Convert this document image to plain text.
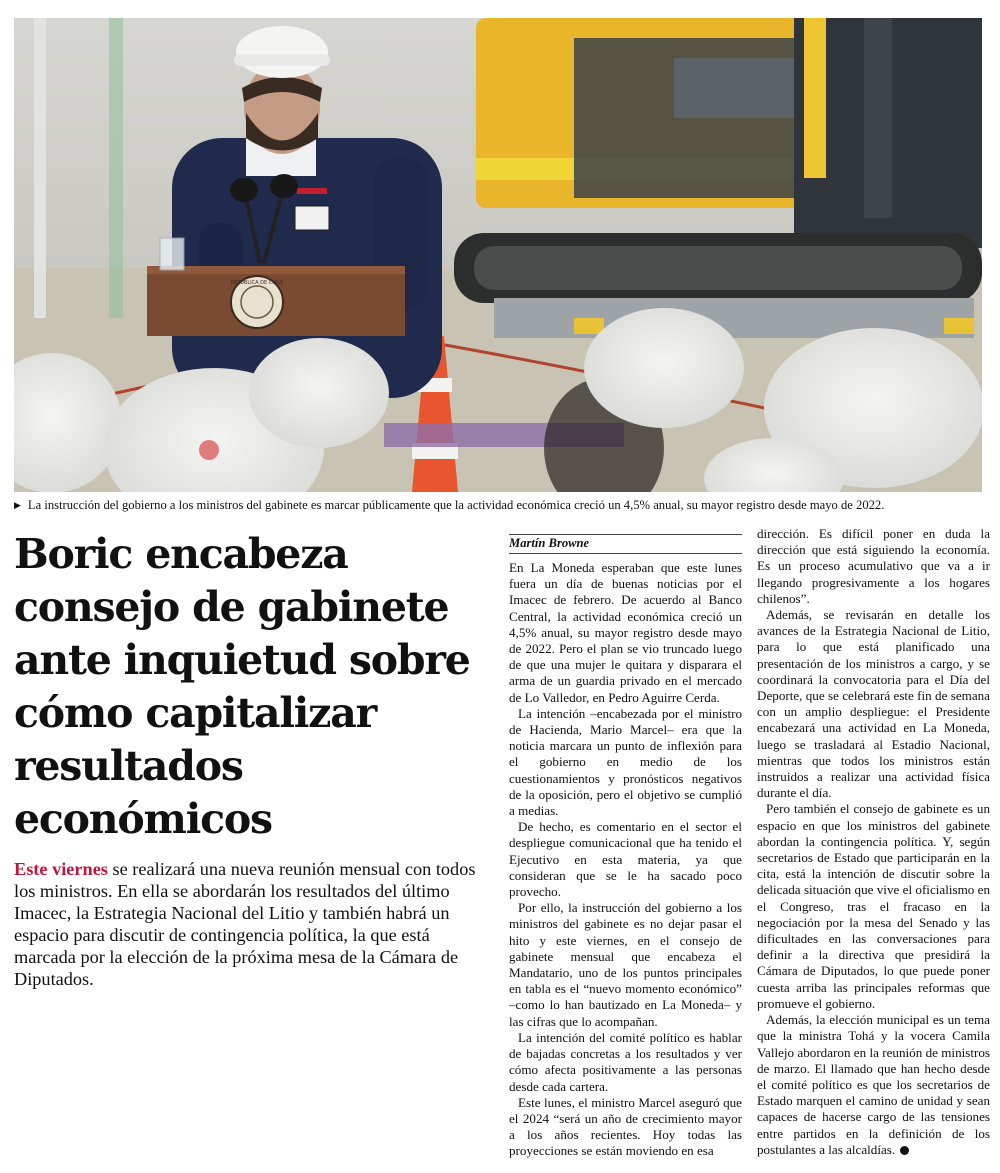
REPÚBLICA DE CHILE
▶ La instrucción del gobierno a los ministros del gabinete es marcar públicamente que la actividad económica creció un 4,5% anual, su mayor registro desde mayo de 2022.
Boric encabeza consejo de gabinete ante inquietud sobre cómo capitalizar resultados económicos

Este viernes se realizará una nueva reunión mensual con todos los ministros. En ella se abordarán los resultados del último Imacec, la Estrategia Nacional del Litio y también habrá un espacio para discutir de contingencia política, la que está marcada por la elección de la próxima mesa de la Cámara de Diputados.

Martín Browne

En La Moneda esperaban que este lunes fuera un día de buenas noticias por el Imacec de febrero. De acuerdo al Banco Central, la actividad económica creció un 4,5% anual, su mayor registro desde mayo de 2022. Pero el plan se vio truncado luego de que una mujer le quitara y disparara el arma de un guardia privado en el mercado de Lo Valledor, en Pedro Aguirre Cerda.

La intención –encabezada por el ministro de Hacienda, Mario Marcel– era que la noticia marcara un punto de inflexión para el gobierno en medio de los cuestionamientos y pronósticos negativos de la oposición, pero el objetivo se cumplió a medias.

De hecho, es comentario en el sector el despliegue comunicacional que ha tenido el Ejecutivo en esta materia, ya que consideran que se le ha sacado poco provecho.

Por ello, la instrucción del gobierno a los ministros del gabinete es no dejar pasar el hito y este viernes, en el consejo de gabinete mensual que encabeza el Mandatario, uno de los puntos principales en tabla es el “nuevo momento económico” –como lo han bautizado en La Moneda– y las cifras que lo acompañan.

La intención del comité político es hablar de bajadas concretas a los resultados y ver cómo afecta positivamente a las personas desde cada cartera.

Este lunes, el ministro Marcel aseguró que el 2024 “será un año de crecimiento mayor a los años recientes. Hoy todas las proyecciones se están moviendo en esa

dirección. Es difícil poner en duda la dirección que está siguiendo la economía. Es un proceso acumulativo que va a ir llegando progresivamente a los hogares chilenos”.

Además, se revisarán en detalle los avances de la Estrategia Nacional de Litio, para lo que está planificado una presentación de los ministros a cargo, y se coordinará la convocatoria para el Día del Deporte, que se celebrará este fin de semana con un amplio despliegue: el Presidente encabezará una actividad en La Moneda, luego se trasladará al Estadio Nacional, mientras que todos los ministros están instruidos a realizar una actividad física durante el día.

Pero también el consejo de gabinete es un espacio en que los ministros del gabinete abordan la contingencia política. Y, según secretarios de Estado que participarán en la cita, está la intención de discutir sobre la delicada situación que vive el oficialismo en el Congreso, tras el fracaso en la negociación por la mesa del Senado y las dificultades en las conversaciones para definir a la directiva que presidirá la Cámara de Diputados, lo que puede poner cuesta arriba las principales reformas que promueve el gobierno.

Además, la elección municipal es un tema que la ministra Tohá y la vocera Camila Vallejo abordaron en la reunión de ministros de marzo. El llamado que han hecho desde el comité político es que los secretarios de Estado marquen el camino de unidad y sean capaces de hacerse cargo de las tensiones entre partidos en la definición de los postulantes a las alcaldías.
